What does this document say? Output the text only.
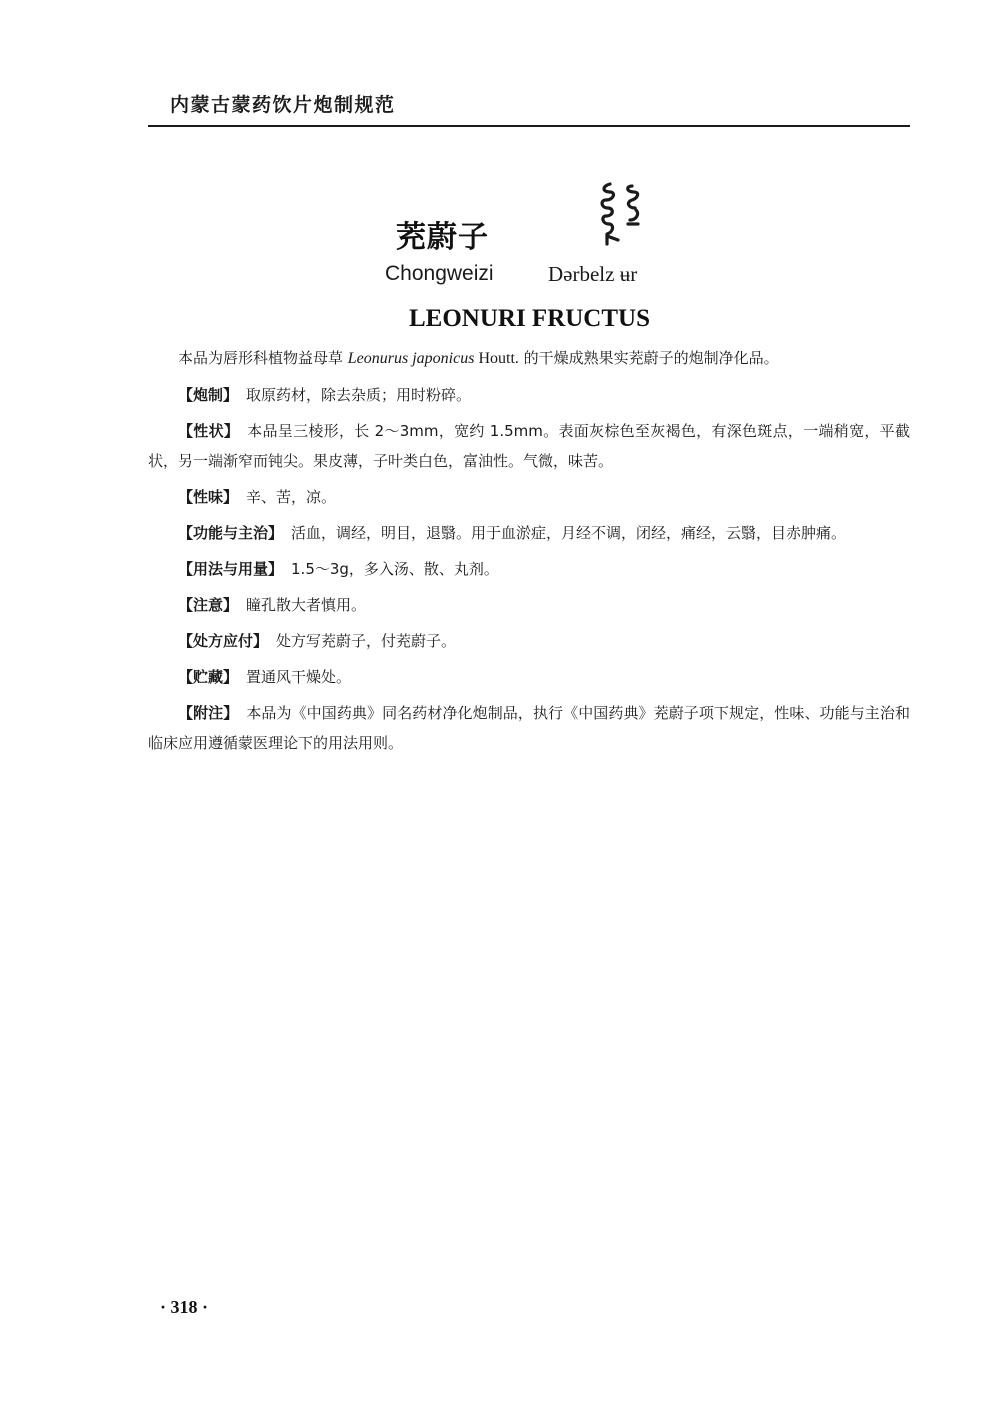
内蒙古蒙药饮片炮制规范
茺蔚子
Chongweizi	Dərbelz ʉr
LEONURI FRUCTUS

本品为唇形科植物益母草 Leonurus japonicus Houtt. 的干燥成熟果实茺蔚子的炮制净化品。

【炮制】 取原药材，除去杂质；用时粉碎。

【性状】 本品呈三棱形，长 2～3mm，宽约 1.5mm。表面灰棕色至灰褐色，有深色斑点，一端稍宽，平截状，另一端渐窄而钝尖。果皮薄，子叶类白色，富油性。气微，味苦。

【性味】 辛、苦，凉。

【功能与主治】 活血，调经，明目，退翳。用于血淤症，月经不调，闭经，痛经，云翳，目赤肿痛。

【用法与用量】 1.5～3g，多入汤、散、丸剂。

【注意】 瞳孔散大者慎用。

【处方应付】 处方写茺蔚子，付茺蔚子。

【贮藏】 置通风干燥处。

【附注】 本品为《中国药典》同名药材净化炮制品，执行《中国药典》茺蔚子项下规定，性味、功能与主治和临床应用遵循蒙医理论下的用法用则。

· 318 ·
